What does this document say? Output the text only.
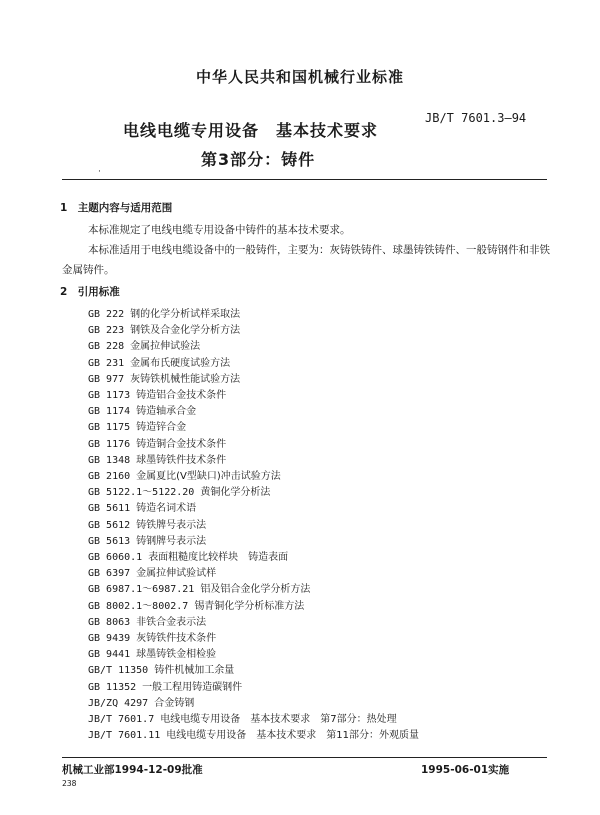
中华人民共和国机械行业标准
电线电缆专用设备　基本技术要求
JB/T 7601.3—94
第3部分：铸件
·
1　主题内容与适用范围
本标准规定了电线电缆专用设备中铸件的基本技术要求。
本标准适用于电线电缆设备中的一般铸件，主要为：灰铸铁铸件、球墨铸铁铸件、一般铸钢件和非铁
金属铸件。
2　引用标准
GB 222 钢的化学分析试样采取法
GB 223 钢铁及合金化学分析方法
GB 228 金属拉伸试验法
GB 231 金属布氏硬度试验方法
GB 977 灰铸铁机械性能试验方法
GB 1173 铸造铝合金技术条件
GB 1174 铸造轴承合金
GB 1175 铸造锌合金
GB 1176 铸造铜合金技术条件
GB 1348 球墨铸铁件技术条件
GB 2160 金属夏比(V型缺口)冲击试验方法
GB 5122.1～5122.20 黄铜化学分析法
GB 5611 铸造名词术语
GB 5612 铸铁牌号表示法
GB 5613 铸钢牌号表示法
GB 6060.1 表面粗糙度比较样块　铸造表面
GB 6397 金属拉伸试验试样
GB 6987.1～6987.21 铝及铝合金化学分析方法
GB 8002.1～8002.7 锡青铜化学分析标准方法
GB 8063 非铁合金表示法
GB 9439 灰铸铁件技术条件
GB 9441 球墨铸铁金相检验
GB/T 11350 铸件机械加工余量
GB 11352 一般工程用铸造碳钢件
JB/ZQ 4297 合金铸钢
JB/T 7601.7 电线电缆专用设备　基本技术要求　第7部分：热处理
JB/T 7601.11 电线电缆专用设备　基本技术要求　第11部分：外观质量
机械工业部1994-12-09批准	1995-06-01实施
238
